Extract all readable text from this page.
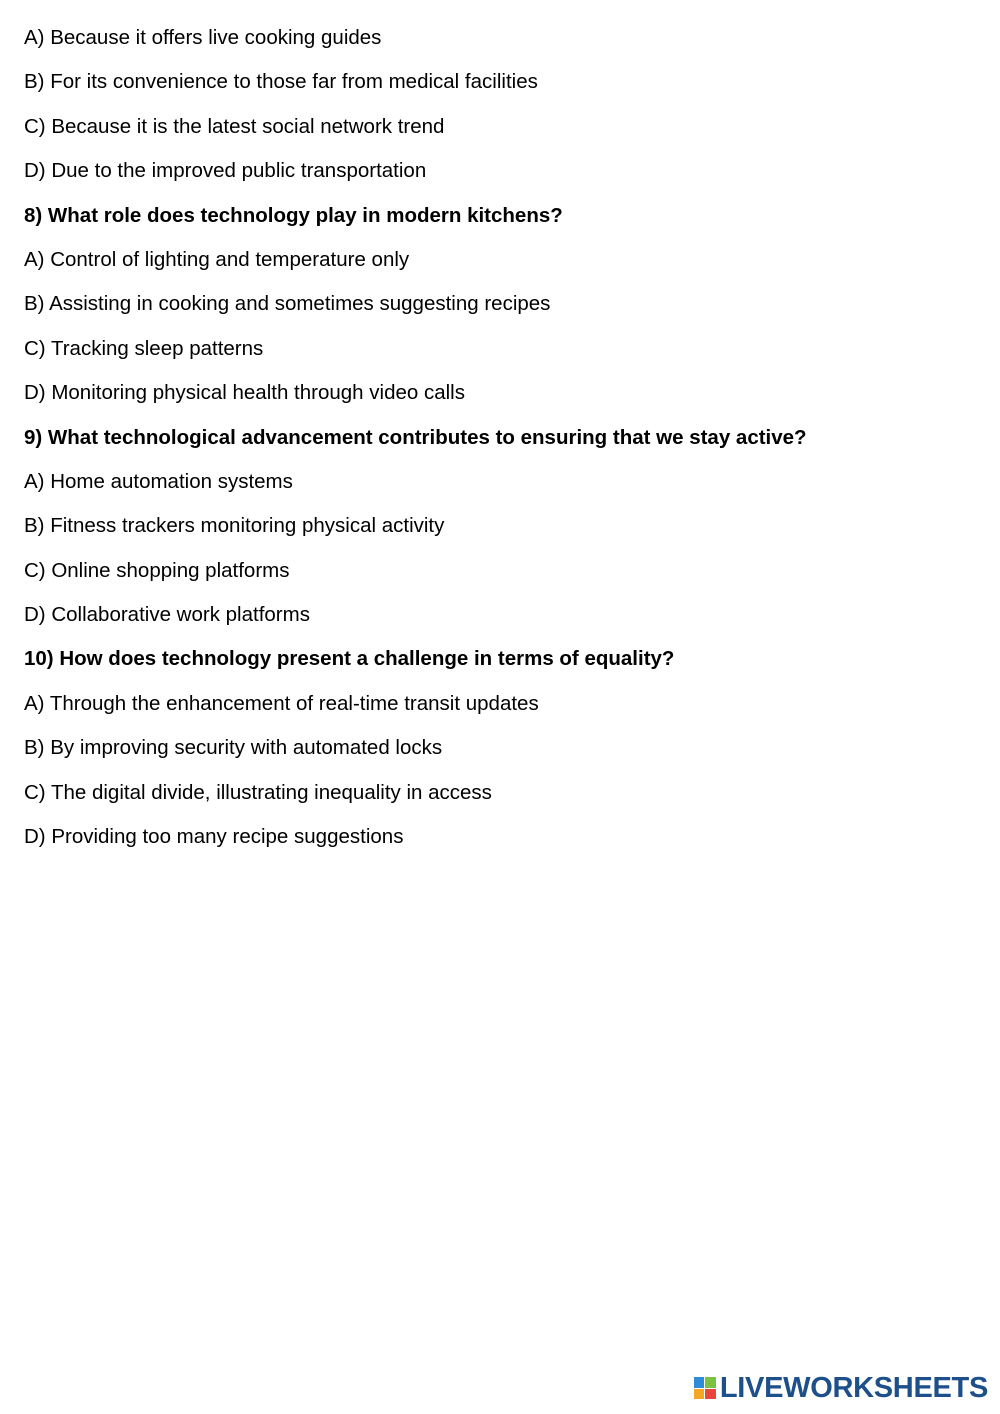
A) Because it offers live cooking guides
B) For its convenience to those far from medical facilities
C) Because it is the latest social network trend
D) Due to the improved public transportation
8) What role does technology play in modern kitchens?
A) Control of lighting and temperature only
B) Assisting in cooking and sometimes suggesting recipes
C) Tracking sleep patterns
D) Monitoring physical health through video calls
9) What technological advancement contributes to ensuring that we stay active?
A) Home automation systems
B) Fitness trackers monitoring physical activity
C) Online shopping platforms
D) Collaborative work platforms
10) How does technology present a challenge in terms of equality?
A) Through the enhancement of real-time transit updates
B) By improving security with automated locks
C) The digital divide, illustrating inequality in access
D) Providing too many recipe suggestions
LIVEWORKSHEETS
